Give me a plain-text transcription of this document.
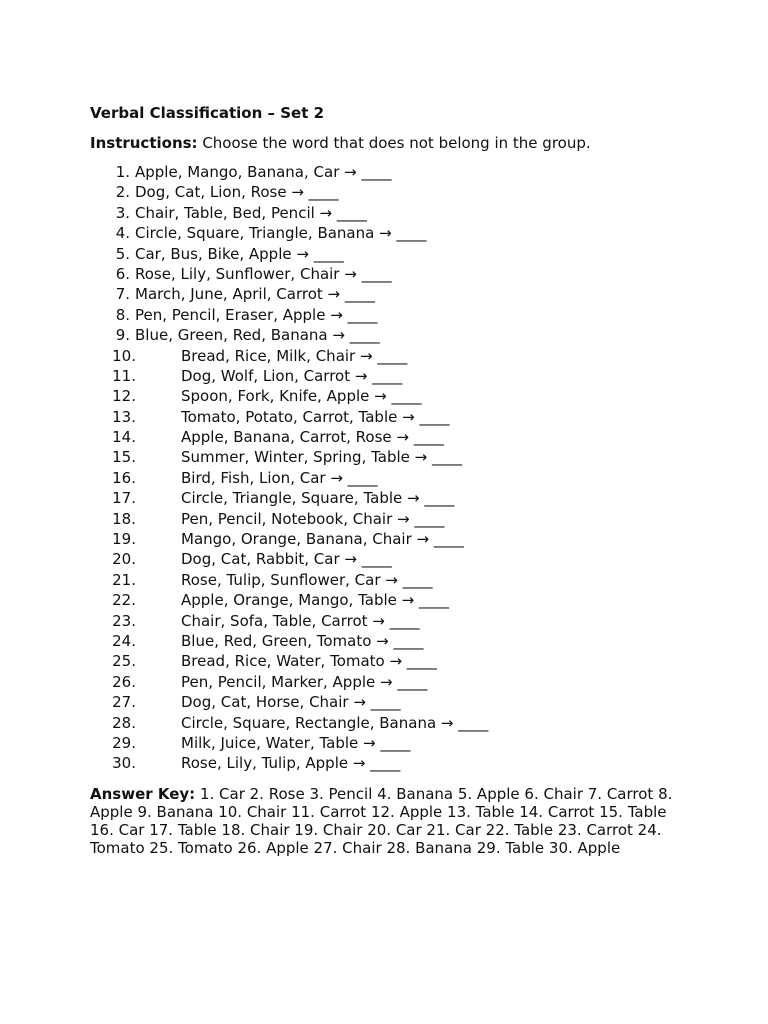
Verbal Classification – Set 2

Instructions: Choose the word that does not belong in the group.
1. Apple, Mango, Banana, Car → ____
2. Dog, Cat, Lion, Rose → ____
3. Chair, Table, Bed, Pencil → ____
4. Circle, Square, Triangle, Banana → ____
5. Car, Bus, Bike, Apple → ____
6. Rose, Lily, Sunflower, Chair → ____
7. March, June, April, Carrot → ____
8. Pen, Pencil, Eraser, Apple → ____
9. Blue, Green, Red, Banana → ____
10.	Bread, Rice, Milk, Chair → ____
11.	Dog, Wolf, Lion, Carrot → ____
12.	Spoon, Fork, Knife, Apple → ____
13.	Tomato, Potato, Carrot, Table → ____
14.	Apple, Banana, Carrot, Rose → ____
15.	Summer, Winter, Spring, Table → ____
16.	Bird, Fish, Lion, Car → ____
17.	Circle, Triangle, Square, Table → ____
18.	Pen, Pencil, Notebook, Chair → ____
19.	Mango, Orange, Banana, Chair → ____
20.	Dog, Cat, Rabbit, Car → ____
21.	Rose, Tulip, Sunflower, Car → ____
22.	Apple, Orange, Mango, Table → ____
23.	Chair, Sofa, Table, Carrot → ____
24.	Blue, Red, Green, Tomato → ____
25.	Bread, Rice, Water, Tomato → ____
26.	Pen, Pencil, Marker, Apple → ____
27.	Dog, Cat, Horse, Chair → ____
28.	Circle, Square, Rectangle, Banana → ____
29.	Milk, Juice, Water, Table → ____
30.	Rose, Lily, Tulip, Apple → ____
Answer Key: 1. Car 2. Rose 3. Pencil 4. Banana 5. Apple 6. Chair 7. Carrot 8. Apple 9. Banana 10. Chair 11. Carrot 12. Apple 13. Table 14. Carrot 15. Table 16. Car 17. Table 18. Chair 19. Chair 20. Car 21. Car 22. Table 23. Carrot 24. Tomato 25. Tomato 26. Apple 27. Chair 28. Banana 29. Table 30. Apple
